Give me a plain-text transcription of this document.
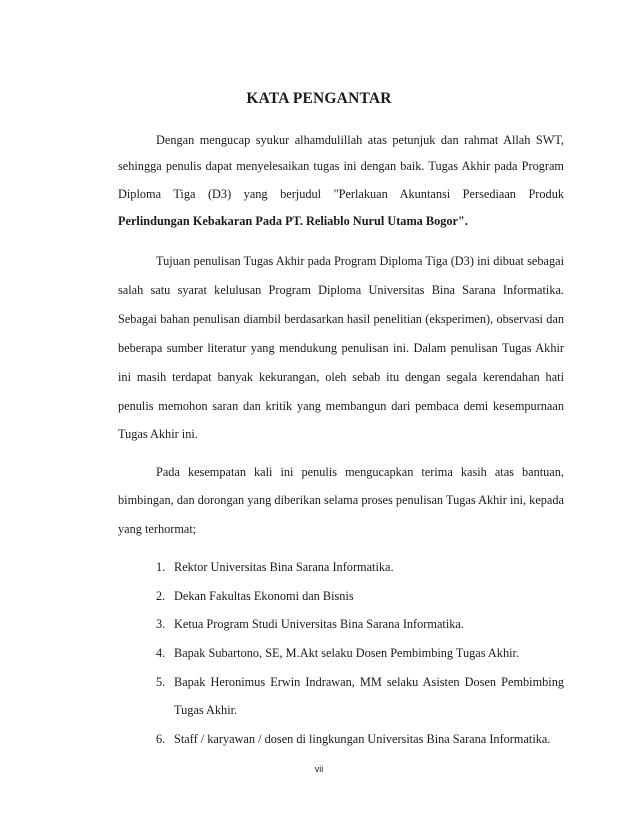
KATA PENGANTAR
Dengan mengucap syukur alhamdulillah atas petunjuk dan rahmat Allah SWT,
sehingga penulis dapat menyelesaikan tugas ini dengan baik. Tugas Akhir pada Program
Diploma Tiga (D3) yang berjudul "Perlakuan Akuntansi Persediaan Produk
Perlindungan Kebakaran Pada PT. Reliablo Nurul Utama Bogor".
Tujuan penulisan Tugas Akhir pada Program Diploma Tiga (D3) ini dibuat sebagai
salah satu syarat kelulusan Program Diploma Universitas Bina Sarana Informatika.
Sebagai bahan penulisan diambil berdasarkan hasil penelitian (eksperimen), observasi dan
beberapa sumber literatur yang mendukung penulisan ini. Dalam penulisan Tugas Akhir
ini masih terdapat banyak kekurangan, oleh sebab itu dengan segala kerendahan hati
penulis memohon saran dan kritik yang membangun dari pembaca demi kesempurnaan
Tugas Akhir ini.
Pada kesempatan kali ini penulis mengucapkan terima kasih atas bantuan,
bimbingan, dan dorongan yang diberikan selama proses penulisan Tugas Akhir ini, kepada
yang terhormat;
1. Rektor Universitas Bina Sarana Informatika.
2. Dekan Fakultas Ekonomi dan Bisnis
3. Ketua Program Studi Universitas Bina Sarana Informatika.
4. Bapak Subartono, SE, M.Akt selaku Dosen Pembimbing Tugas Akhir.
5. Bapak Heronimus Erwin Indrawan, MM selaku Asisten Dosen Pembimbing
Tugas Akhir.
6. Staff / karyawan / dosen di lingkungan Universitas Bina Sarana Informatika.
vii
